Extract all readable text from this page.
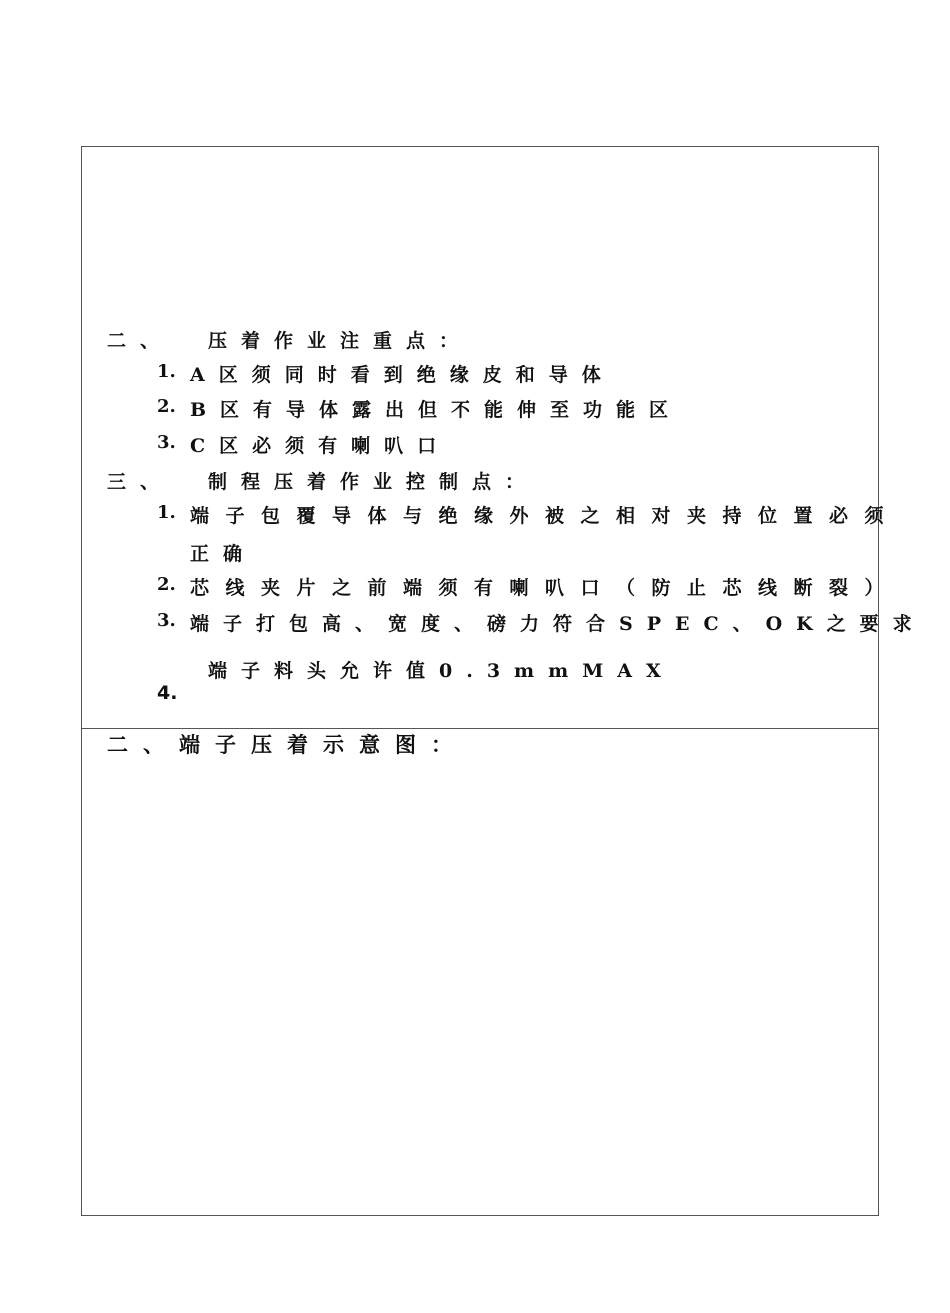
二、 压着作业注重点：
1. A区须同时看到绝缘皮和导体
2. B区有导体露出但不能伸至功能区
3. C区必须有喇叭口
三、 制程压着作业控制点：
1. 端子包覆导体与绝缘外被之相对夹持位置必须
正确
2. 芯线夹片之前端须有喇叭口（防止芯线断裂）
3. 端子打包高、宽度、磅力符合SPEC、OK之要求
端子料头允许值0.3mmMAX
4.
二、端子压着示意图：
